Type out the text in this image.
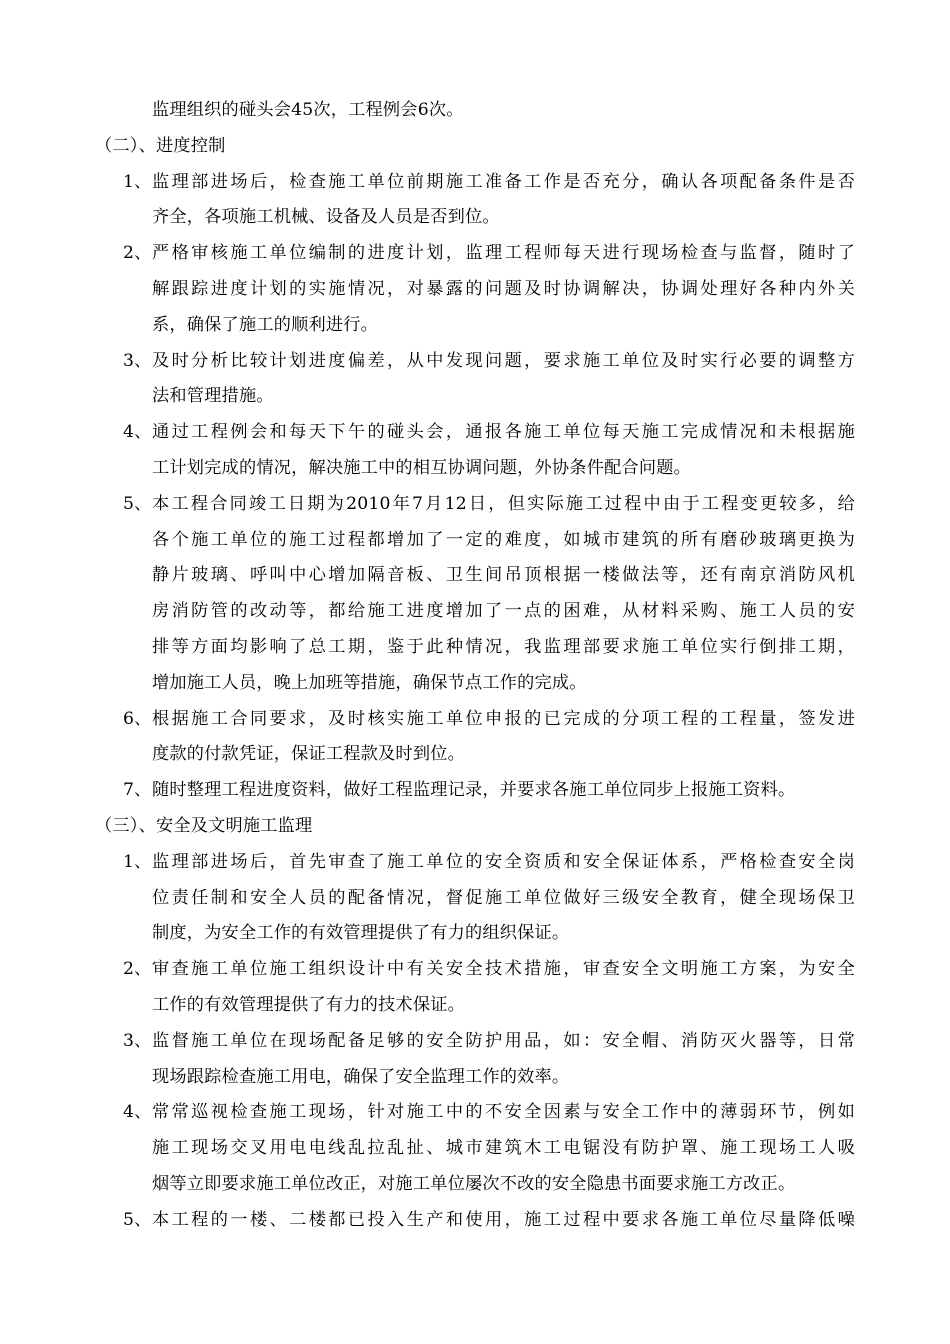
监理组织的碰头会45次，工程例会6次。
（二）、进度控制
1、 监理部进场后，检查施工单位前期施工准备工作是否充分，确认各项配备条件是否
齐全，各项施工机械、设备及人员是否到位。
2、 严格审核施工单位编制的进度计划，监理工程师每天进行现场检查与监督，随时了
解跟踪进度计划的实施情况，对暴露的问题及时协调解决，协调处理好各种内外关
系，确保了施工的顺利进行。
3、 及时分析比较计划进度偏差，从中发现问题，要求施工单位及时实行必要的调整方
法和管理措施。
4、 通过工程例会和每天下午的碰头会，通报各施工单位每天施工完成情况和未根据施
工计划完成的情况，解决施工中的相互协调问题，外协条件配合问题。
5、 本工程合同竣工日期为2010年7月12日，但实际施工过程中由于工程变更较多，给
各个施工单位的施工过程都增加了一定的难度，如城市建筑的所有磨砂玻璃更换为
静片玻璃、呼叫中心增加隔音板、卫生间吊顶根据一楼做法等，还有南京消防风机
房消防管的改动等，都给施工进度增加了一点的困难，从材料采购、施工人员的安
排等方面均影响了总工期，鉴于此种情况，我监理部要求施工单位实行倒排工期，
增加施工人员，晚上加班等措施，确保节点工作的完成。
6、 根据施工合同要求，及时核实施工单位申报的已完成的分项工程的工程量，签发进
度款的付款凭证，保证工程款及时到位。
7、 随时整理工程进度资料，做好工程监理记录，并要求各施工单位同步上报施工资料。
（三）、安全及文明施工监理
1、 监理部进场后，首先审查了施工单位的安全资质和安全保证体系，严格检查安全岗
位责任制和安全人员的配备情况，督促施工单位做好三级安全教育，健全现场保卫
制度，为安全工作的有效管理提供了有力的组织保证。
2、 审查施工单位施工组织设计中有关安全技术措施，审查安全文明施工方案，为安全
工作的有效管理提供了有力的技术保证。
3、 监督施工单位在现场配备足够的安全防护用品，如：安全帽、消防灭火器等，日常
现场跟踪检查施工用电，确保了安全监理工作的效率。
4、 常常巡视检查施工现场，针对施工中的不安全因素与安全工作中的薄弱环节，例如
施工现场交叉用电电线乱拉乱扯、城市建筑木工电锯没有防护罩、施工现场工人吸
烟等立即要求施工单位改正，对施工单位屡次不改的安全隐患书面要求施工方改正。
5、 本工程的一楼、二楼都已投入生产和使用，施工过程中要求各施工单位尽量降低噪
